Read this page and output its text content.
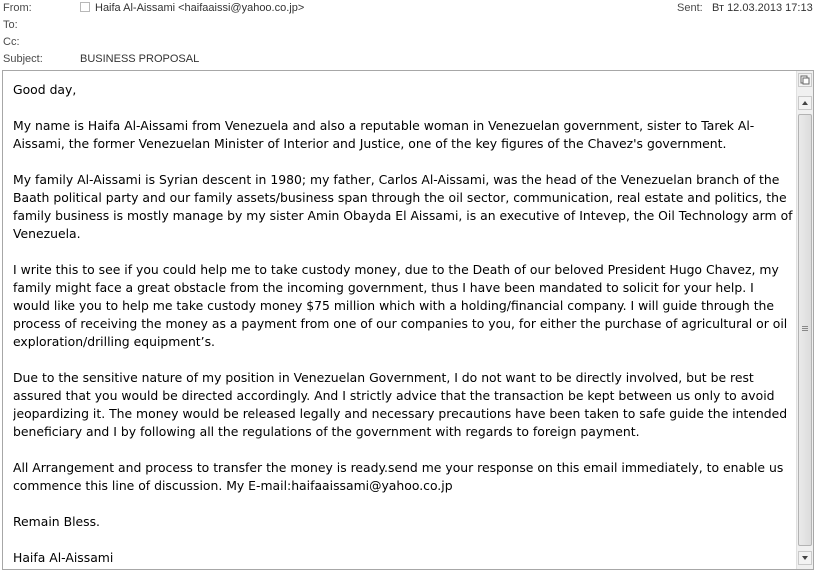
From:	Haifa Al-Aissami <haifaaissi@yahoo.co.jp>	Sent: Вт 12.03.2013 17:13
To:
Cc:
Subject:	BUSINESS PROPOSAL

Good day,

My name is Haifa Al-Aissami from Venezuela and also a reputable woman in Venezuelan government, sister to Tarek Al-Aissami, the former Venezuelan Minister of Interior and Justice, one of the key figures of the Chavez's government.

My family Al-Aissami is Syrian descent in 1980; my father, Carlos Al-Aissami, was the head of the Venezuelan branch of the Baath political party and our family assets/business span through the oil sector, communication, real estate and politics, the family business is mostly manage by my sister Amin Obayda El Aissami, is an executive of Intevep, the Oil Technology arm of Venezuela.

I write this to see if you could help me to take custody money, due to the Death of our beloved President Hugo Chavez, my family might face a great obstacle from the incoming government, thus I have been mandated to solicit for your help. I would like you to help me take custody money $75 million which with a holding/financial company. I will guide through the process of receiving the money as a payment from one of our companies to you, for either the purchase of agricultural or oil exploration/drilling equipment’s.

Due to the sensitive nature of my position in Venezuelan Government, I do not want to be directly involved, but be rest assured that you would be directed accordingly. And I strictly advice that the transaction be kept between us only to avoid jeopardizing it. The money would be released legally and necessary precautions have been taken to safe guide the intended beneficiary and I by following all the regulations of the government with regards to foreign payment.

All Arrangement and process to transfer the money is ready.send me your response on this email immediately, to enable us commence this line of discussion. My E-mail:haifaaissami@yahoo.co.jp

Remain Bless.

Haifa Al-Aissami
